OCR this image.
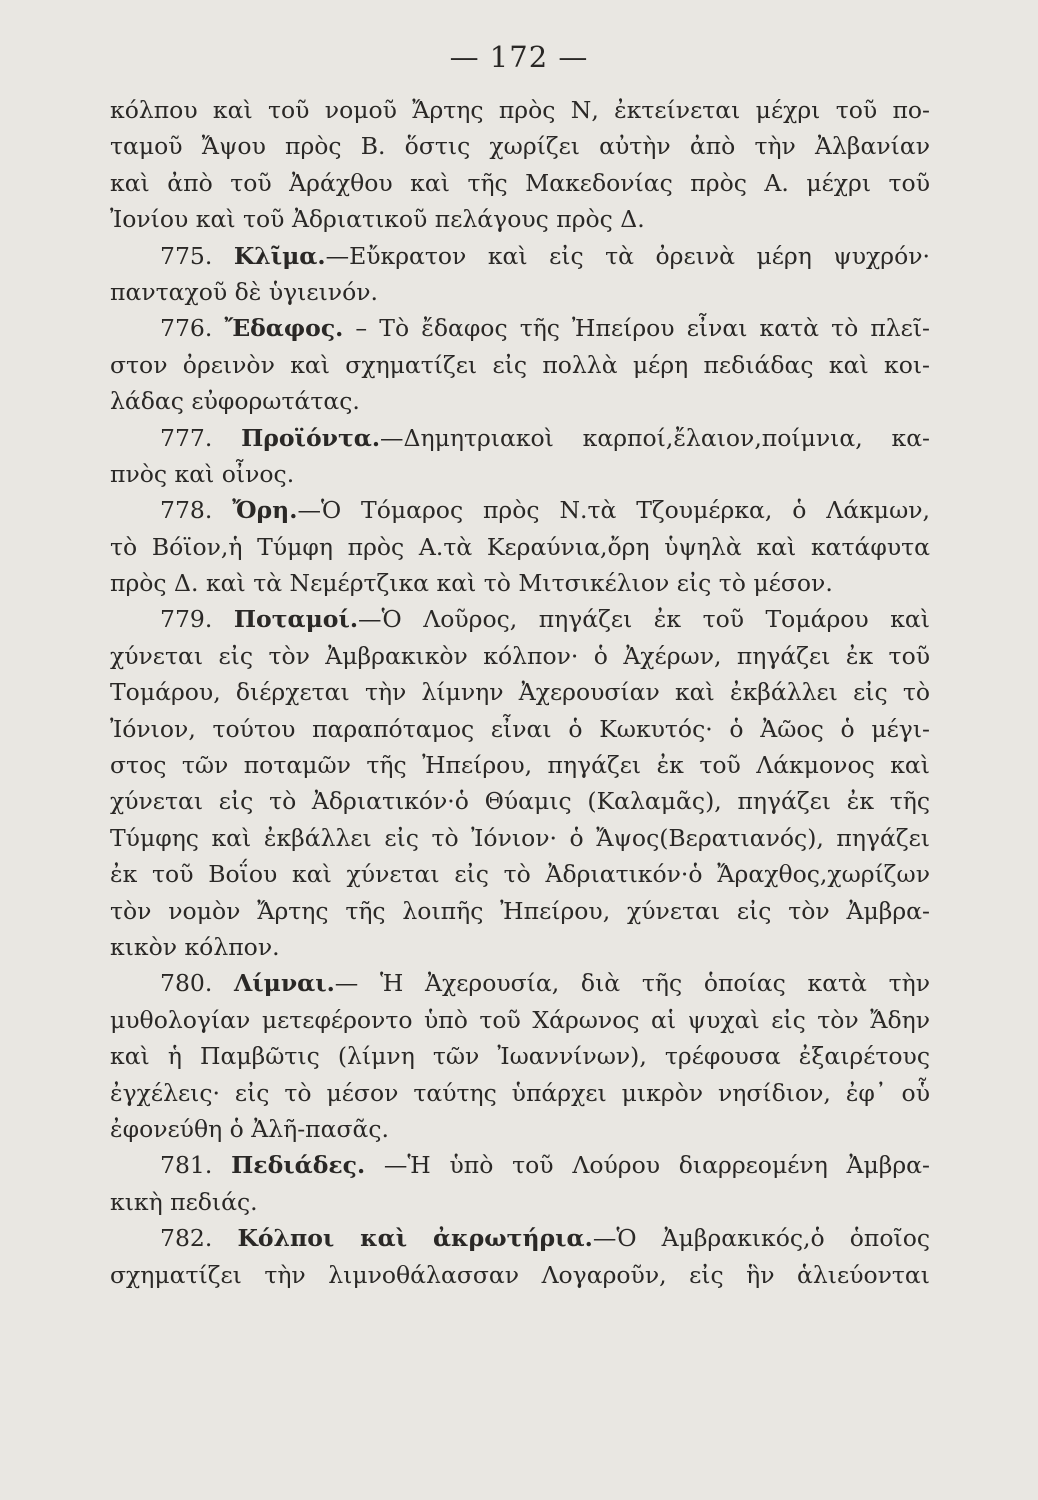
— 172 —
κόλπου καὶ τοῦ νομοῦ Ἄρτης πρὸς Ν, ἐκτείνεται μέχρι τοῦ πο-
ταμοῦ Ἄψου πρὸς Β. ὅστις χωρίζει αὐτὴν ἀπὸ τὴν Ἀλβανίαν
καὶ ἀπὸ τοῦ Ἀράχθου καὶ τῆς Μακεδονίας πρὸς Α. μέχρι τοῦ
Ἰονίου καὶ τοῦ Ἀδριατικοῦ πελάγους πρὸς Δ.
775. Κλῖμα.—Εὔκρατον καὶ εἰς τὰ ὀρεινὰ μέρη ψυχρόν·
πανταχοῦ δὲ ὑγιεινόν.
776. Ἔδαφος. – Τὸ ἔδαφος τῆς Ἠπείρου εἶναι κατὰ τὸ πλεῖ-
στον ὀρεινὸν καὶ σχηματίζει εἰς πολλὰ μέρη πεδιάδας καὶ κοι-
λάδας εὐφορωτάτας.
777. Προϊόντα.—Δημητριακοὶ καρποί,ἔλαιον,ποίμνια, κα-
πνὸς καὶ οἶνος.
778. Ὄρη.—Ὁ Τόμαρος πρὸς Ν.τὰ Τζουμέρκα, ὁ Λάκμων,
τὸ Βόϊον,ἡ Τύμφη πρὸς Α.τὰ Κεραύνια,ὄρη ὑψηλὰ καὶ κατάφυτα
πρὸς Δ. καὶ τὰ Νεμέρτζικα καὶ τὸ Μιτσικέλιον εἰς τὸ μέσον.
779. Ποταμοί.—Ὁ Λοῦρος, πηγάζει ἐκ τοῦ Τομάρου καὶ
χύνεται εἰς τὸν Ἀμβρακικὸν κόλπον· ὁ Ἀχέρων, πηγάζει ἐκ τοῦ
Τομάρου, διέρχεται τὴν λίμνην Ἀχερουσίαν καὶ ἐκβάλλει εἰς τὸ
Ἰόνιον, τούτου παραπόταμος εἶναι ὁ Κωκυτός· ὁ Ἀῶος ὁ μέγι-
στος τῶν ποταμῶν τῆς Ἠπείρου, πηγάζει ἐκ τοῦ Λάκμονος καὶ
χύνεται εἰς τὸ Ἀδριατικόν·ὁ Θύαμις (Καλαμᾶς), πηγάζει ἐκ τῆς
Τύμφης καὶ ἐκβάλλει εἰς τὸ Ἰόνιον· ὁ Ἄψος(Βερατιανός), πηγάζει
ἐκ τοῦ Βοΐου καὶ χύνεται εἰς τὸ Ἀδριατικόν·ὁ Ἄραχθος,χωρίζων
τὸν νομὸν Ἄρτης τῆς λοιπῆς Ἠπείρου, χύνεται εἰς τὸν Ἀμβρα-
κικὸν κόλπον.
780. Λίμναι.— Ἡ Ἀχερουσία, διὰ τῆς ὁποίας κατὰ τὴν
μυθολογίαν μετεφέροντο ὑπὸ τοῦ Χάρωνος αἱ ψυχαὶ εἰς τὸν Ἄδην
καὶ ἡ Παμβῶτις (λίμνη τῶν Ἰωαννίνων), τρέφουσα ἐξαιρέτους
ἐγχέλεις· εἰς τὸ μέσον ταύτης ὑπάρχει μικρὸν νησίδιον, ἐφ᾽ οὗ
ἐφονεύθη ὁ Ἀλῆ-πασᾶς.
781. Πεδιάδες. —Ἡ ὑπὸ τοῦ Λούρου διαρρεομένη Ἀμβρα-
κικὴ πεδιάς.
782. Κόλποι καὶ ἀκρωτήρια.—Ὁ Ἀμβρακικός,ὁ ὁποῖος
σχηματίζει τὴν λιμνοθάλασσαν Λογαροῦν, εἰς ἣν ἁλιεύονται
